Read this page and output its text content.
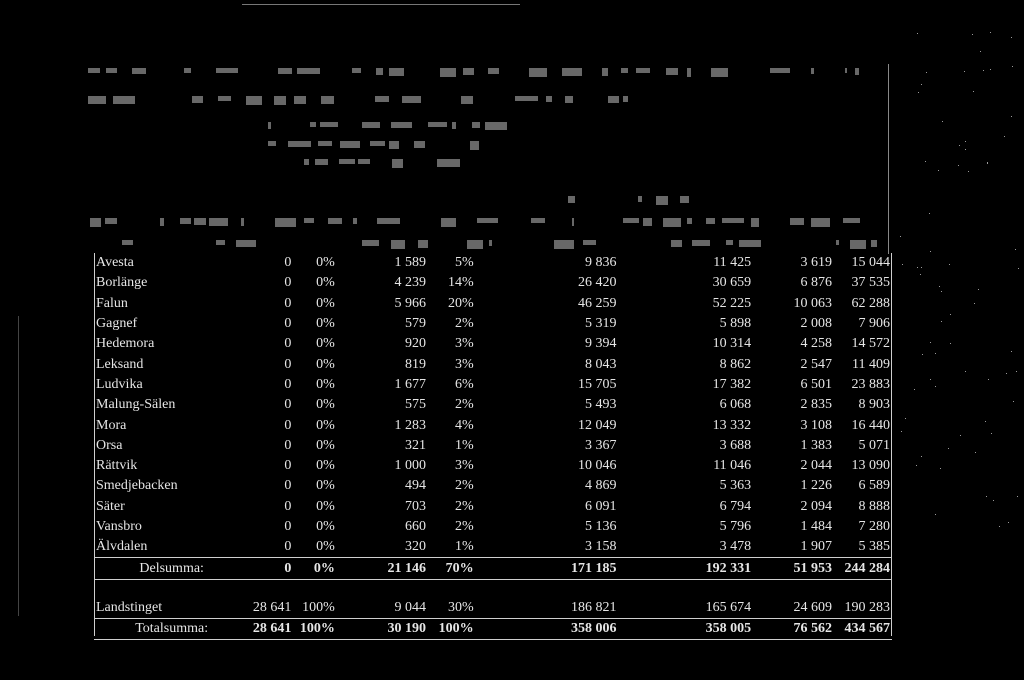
Avesta	0	0%	1 589	5%	9 836	11 425	3 619	15 044
Borlänge	0	0%	4 239	14%	26 420	30 659	6 876	37 535
Falun	0	0%	5 966	20%	46 259	52 225	10 063	62 288
Gagnef	0	0%	579	2%	5 319	5 898	2 008	7 906
Hedemora	0	0%	920	3%	9 394	10 314	4 258	14 572
Leksand	0	0%	819	3%	8 043	8 862	2 547	11 409
Ludvika	0	0%	1 677	6%	15 705	17 382	6 501	23 883
Malung-Sälen	0	0%	575	2%	5 493	6 068	2 835	8 903
Mora	0	0%	1 283	4%	12 049	13 332	3 108	16 440
Orsa	0	0%	321	1%	3 367	3 688	1 383	5 071
Rättvik	0	0%	1 000	3%	10 046	11 046	2 044	13 090
Smedjebacken	0	0%	494	2%	4 869	5 363	1 226	6 589
Säter	0	0%	703	2%	6 091	6 794	2 094	8 888
Vansbro	0	0%	660	2%	5 136	5 796	1 484	7 280
Älvdalen	0	0%	320	1%	3 158	3 478	1 907	5 385
Delsumma:	0	0%	21 146	70%	171 185	192 331	51 953	244 284

Landstinget	28 641	100%	9 044	30%	186 821	165 674	24 609	190 283
Totalsumma:	28 641	100%	30 190	100%	358 006	358 005	76 562	434 567
